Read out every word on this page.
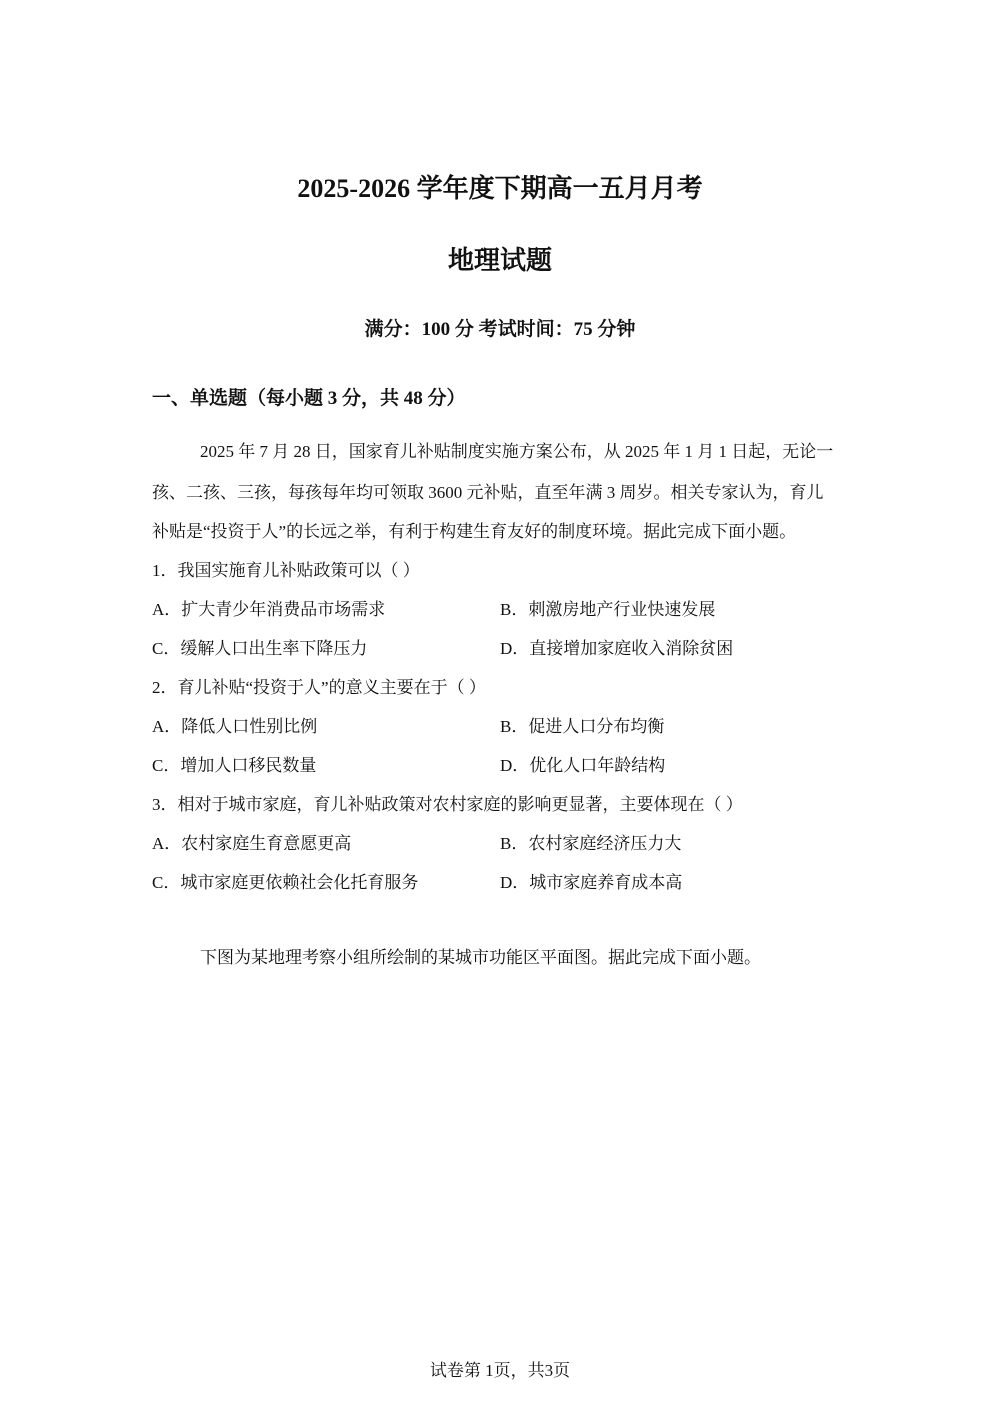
2025-2026 学年度下期高一五月月考
地理试题
满分：100 分 考试时间：75 分钟
一、单选题（每小题 3 分，共 48 分）
2025 年 7 月 28 日，国家育儿补贴制度实施方案公布，从 2025 年 1 月 1 日起，无论一
孩、二孩、三孩，每孩每年均可领取 3600 元补贴，直至年满 3 周岁。相关专家认为，育儿
补贴是“投资于人”的长远之举，有利于构建生育友好的制度环境。据此完成下面小题。
1．我国实施育儿补贴政策可以（ ）
A．扩大青少年消费品市场需求	B．刺激房地产行业快速发展
C．缓解人口出生率下降压力	D．直接增加家庭收入消除贫困
2．育儿补贴“投资于人”的意义主要在于（ ）
A．降低人口性别比例	B．促进人口分布均衡
C．增加人口移民数量	D．优化人口年龄结构
3．相对于城市家庭，育儿补贴政策对农村家庭的影响更显著，主要体现在（ ）
A．农村家庭生育意愿更高	B．农村家庭经济压力大
C．城市家庭更依赖社会化托育服务	D．城市家庭养育成本高
下图为某地理考察小组所绘制的某城市功能区平面图。据此完成下面小题。
试卷第 1页，共3页
